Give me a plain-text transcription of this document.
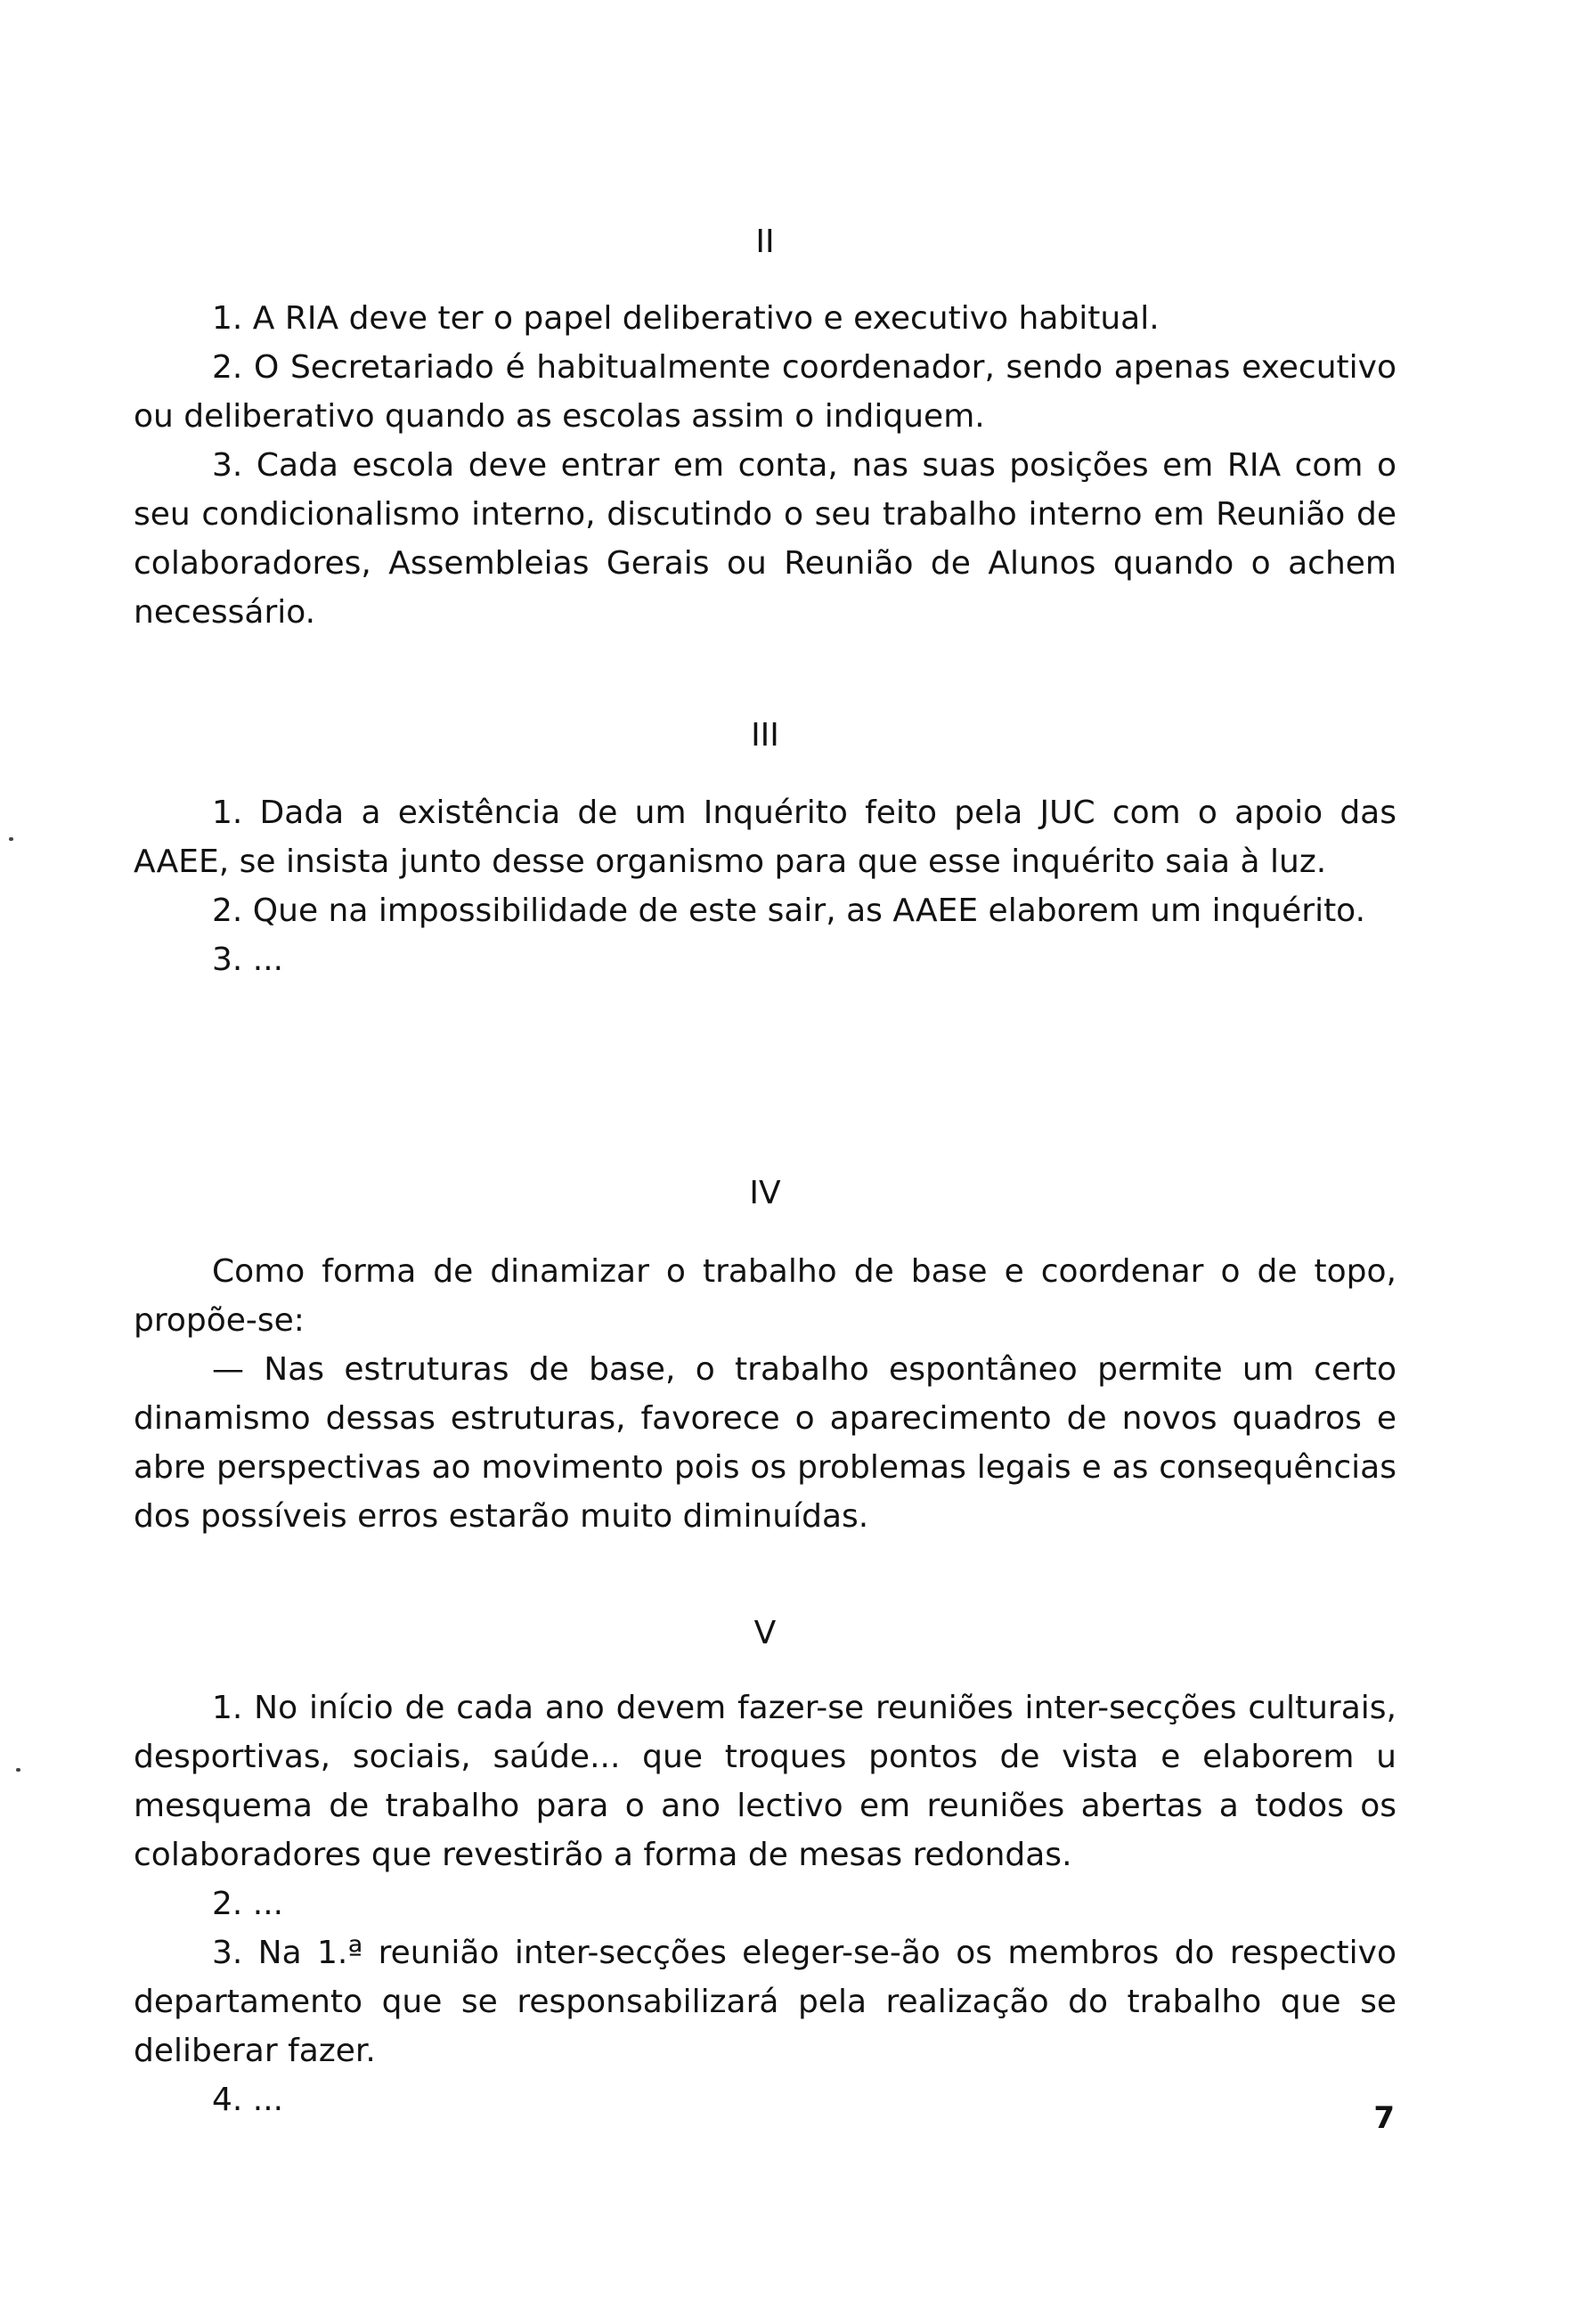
II

1. A RIA deve ter o papel deliberativo e executivo habitual.

2. O Secretariado é habitualmente coordenador, sendo apenas executivo ou deliberativo quando as escolas assim o indiquem.

3. Cada escola deve entrar em conta, nas suas posições em RIA com o seu condicionalismo interno, discutindo o seu trabalho interno em Reunião de colaboradores, Assembleias Gerais ou Reunião de Alunos quando o achem necessário.

III

1. Dada a existência de um Inquérito feito pela JUC com o apoio das AAEE, se insista junto desse organismo para que esse inquérito saia à luz.

2. Que na impossibilidade de este sair, as AAEE elaborem um inquérito.

3. ...

IV

Como forma de dinamizar o trabalho de base e coordenar o de topo, propõe-se:

— Nas estruturas de base, o trabalho espontâneo permite um certo dinamismo dessas estruturas, favorece o aparecimento de novos quadros e abre perspectivas ao movimento pois os problemas legais e as consequências dos possíveis erros estarão muito diminuídas.

V

1. No início de cada ano devem fazer-se reuniões inter-secções culturais, desportivas, sociais, saúde... que troques pontos de vista e elaborem u mesquema de trabalho para o ano lectivo em reuniões abertas a todos os colaboradores que revestirão a forma de mesas redondas.

2. ...

3. Na 1.ª reunião inter-secções eleger-se-ão os membros do respectivo departamento que se responsabilizará pela realização do trabalho que se deliberar fazer.

4. ...	7
